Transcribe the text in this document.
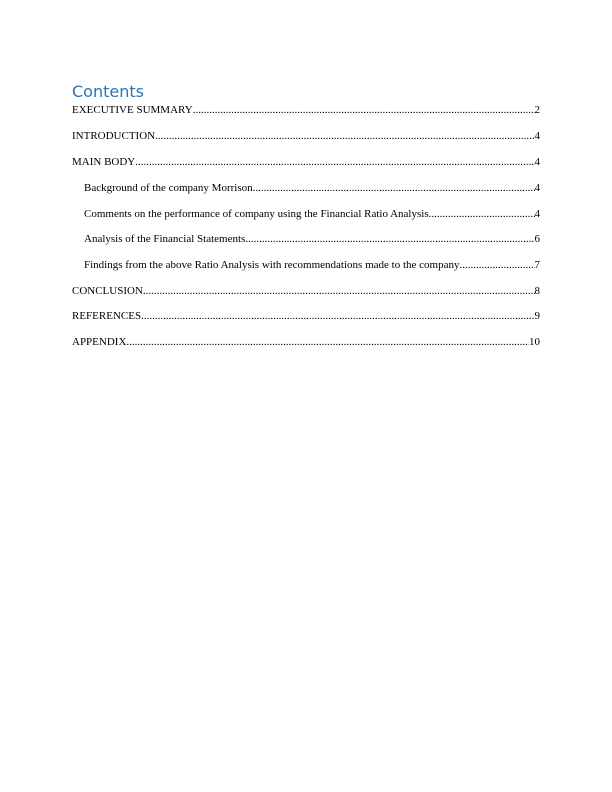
Contents
EXECUTIVE SUMMARY .....	2
INTRODUCTION .....	4
MAIN BODY .....	4
Background of the company Morrison .....	4
Comments on the performance of company using the Financial Ratio Analysis. .....	4
Analysis of the Financial Statements .....	6
Findings from the above Ratio Analysis with recommendations made to the company .....	7
CONCLUSION .....	8
REFERENCES .....	9
APPENDIX .....	10
